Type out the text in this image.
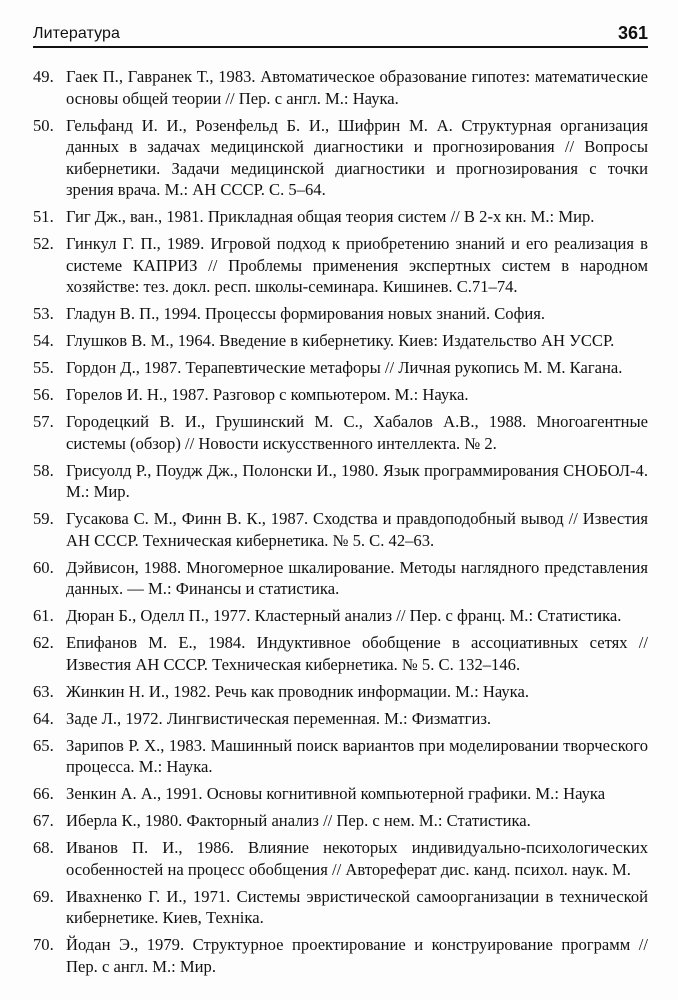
Литература	361
49. Гаек П., Гавранек Т., 1983. Автоматическое образование гипотез: математические основы общей теории // Пер. с англ. М.: Наука.
50. Гельфанд И. И., Розенфельд Б. И., Шифрин М. А. Структурная организация данных в задачах медицинской диагностики и прогнозирования // Вопросы кибернетики. Задачи медицинской диагностики и прогнозирования с точки зрения врача. М.: АН СССР. С. 5–64.
51. Гиг Дж., ван., 1981. Прикладная общая теория систем // В 2-х кн. М.: Мир.
52. Гинкул Г. П., 1989. Игровой подход к приобретению знаний и его реализация в системе КАПРИЗ // Проблемы применения экспертных систем в народном хозяйстве: тез. докл. респ. школы-семинара. Кишинев. С.71–74.
53. Гладун В. П., 1994. Процессы формирования новых знаний. София.
54. Глушков В. М., 1964. Введение в кибернетику. Киев: Издательство АН УССР.
55. Гордон Д., 1987. Терапевтические метафоры // Личная рукопись М. М. Кагана.
56. Горелов И. Н., 1987. Разговор с компьютером. М.: Наука.
57. Городецкий В. И., Грушинский М. С., Хабалов А.В., 1988. Многоагентные системы (обзор) // Новости искусственного интеллекта. № 2.
58. Грисуолд Р., Поудж Дж., Полонски И., 1980. Язык программирования СНОБОЛ-4. М.: Мир.
59. Гусакова С. М., Финн В. К., 1987. Сходства и правдоподобный вывод // Известия АН СССР. Техническая кибернетика. № 5. С. 42–63.
60. Дэйвисон, 1988. Многомерное шкалирование. Методы наглядного представления данных. — М.: Финансы и статистика.
61. Дюран Б., Оделл П., 1977. Кластерный анализ // Пер. с франц. М.: Статистика.
62. Епифанов М. Е., 1984. Индуктивное обобщение в ассоциативных сетях // Известия АН СССР. Техническая кибернетика. № 5. С. 132–146.
63. Жинкин Н. И., 1982. Речь как проводник информации. М.: Наука.
64. Заде Л., 1972. Лингвистическая переменная. М.: Физматгиз.
65. Зарипов Р. Х., 1983. Машинный поиск вариантов при моделировании творческого процесса. М.: Наука.
66. Зенкин А. А., 1991. Основы когнитивной компьютерной графики. М.: Наука
67. Иберла К., 1980. Факторный анализ // Пер. с нем. М.: Статистика.
68. Иванов П. И., 1986. Влияние некоторых индивидуально-психологических особенностей на процесс обобщения // Автореферат дис. канд. психол. наук. М.
69. Ивахненко Г. И., 1971. Системы эвристической самоорганизации в технической кибернетике. Киев, Техніка.
70. Йодан Э., 1979. Структурное проектирование и конструирование программ // Пер. с англ. М.: Мир.
